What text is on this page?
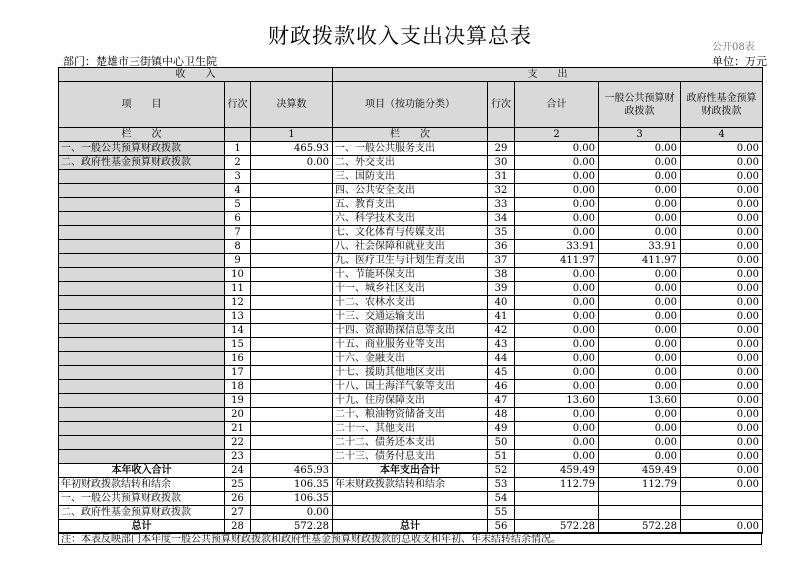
财政拨款收入支出决算总表	公开08表
部门：楚雄市三街镇中心卫生院	单位：万元
收　　入			支　　出				
项　　目	行次	决算数	项目（按功能分类）	行次	合计	一般公共预算财政拨款	政府性基金预算财政拨款
栏　　次		1	栏　　次		2	3	4
一、一般公共预算财政拨款	1	465.93	一、一般公共服务支出	29	0.00	0.00	0.00
二、政府性基金预算财政拨款	2	0.00	二、外交支出	30	0.00	0.00	0.00
	3		三、国防支出	31	0.00	0.00	0.00
	4		四、公共安全支出	32	0.00	0.00	0.00
	5		五、教育支出	33	0.00	0.00	0.00
	6		六、科学技术支出	34	0.00	0.00	0.00
	7		七、文化体育与传媒支出	35	0.00	0.00	0.00
	8		八、社会保障和就业支出	36	33.91	33.91	0.00
	9		九、医疗卫生与计划生育支出	37	411.97	411.97	0.00
	10		十、节能环保支出	38	0.00	0.00	0.00
	11		十一、城乡社区支出	39	0.00	0.00	0.00
	12		十二、农林水支出	40	0.00	0.00	0.00
	13		十三、交通运输支出	41	0.00	0.00	0.00
	14		十四、资源勘探信息等支出	42	0.00	0.00	0.00
	15		十五、商业服务业等支出	43	0.00	0.00	0.00
	16		十六、金融支出	44	0.00	0.00	0.00
	17		十七、援助其他地区支出	45	0.00	0.00	0.00
	18		十八、国土海洋气象等支出	46	0.00	0.00	0.00
	19		十九、住房保障支出	47	13.60	13.60	0.00
	20		二十、粮油物资储备支出	48	0.00	0.00	0.00
	21		二十一、其他支出	49	0.00	0.00	0.00
	22		二十二、债务还本支出	50	0.00	0.00	0.00
	23		二十三、债务付息支出	51	0.00	0.00	0.00
本年收入合计	24	465.93	本年支出合计	52	459.49	459.49	0.00
年初财政拨款结转和结余	25	106.35	年末财政拨款结转和结余	53	112.79	112.79	0.00
一、一般公共预算财政拨款	26	106.35		54			
二、政府性基金预算财政拨款	27	0.00		55			
总计	28	572.28	总计	56	572.28	572.28	0.00
注：本表反映部门本年度一般公共预算财政拨款和政府性基金预算财政拨款的总收支和年初、年末结转结余情况。
